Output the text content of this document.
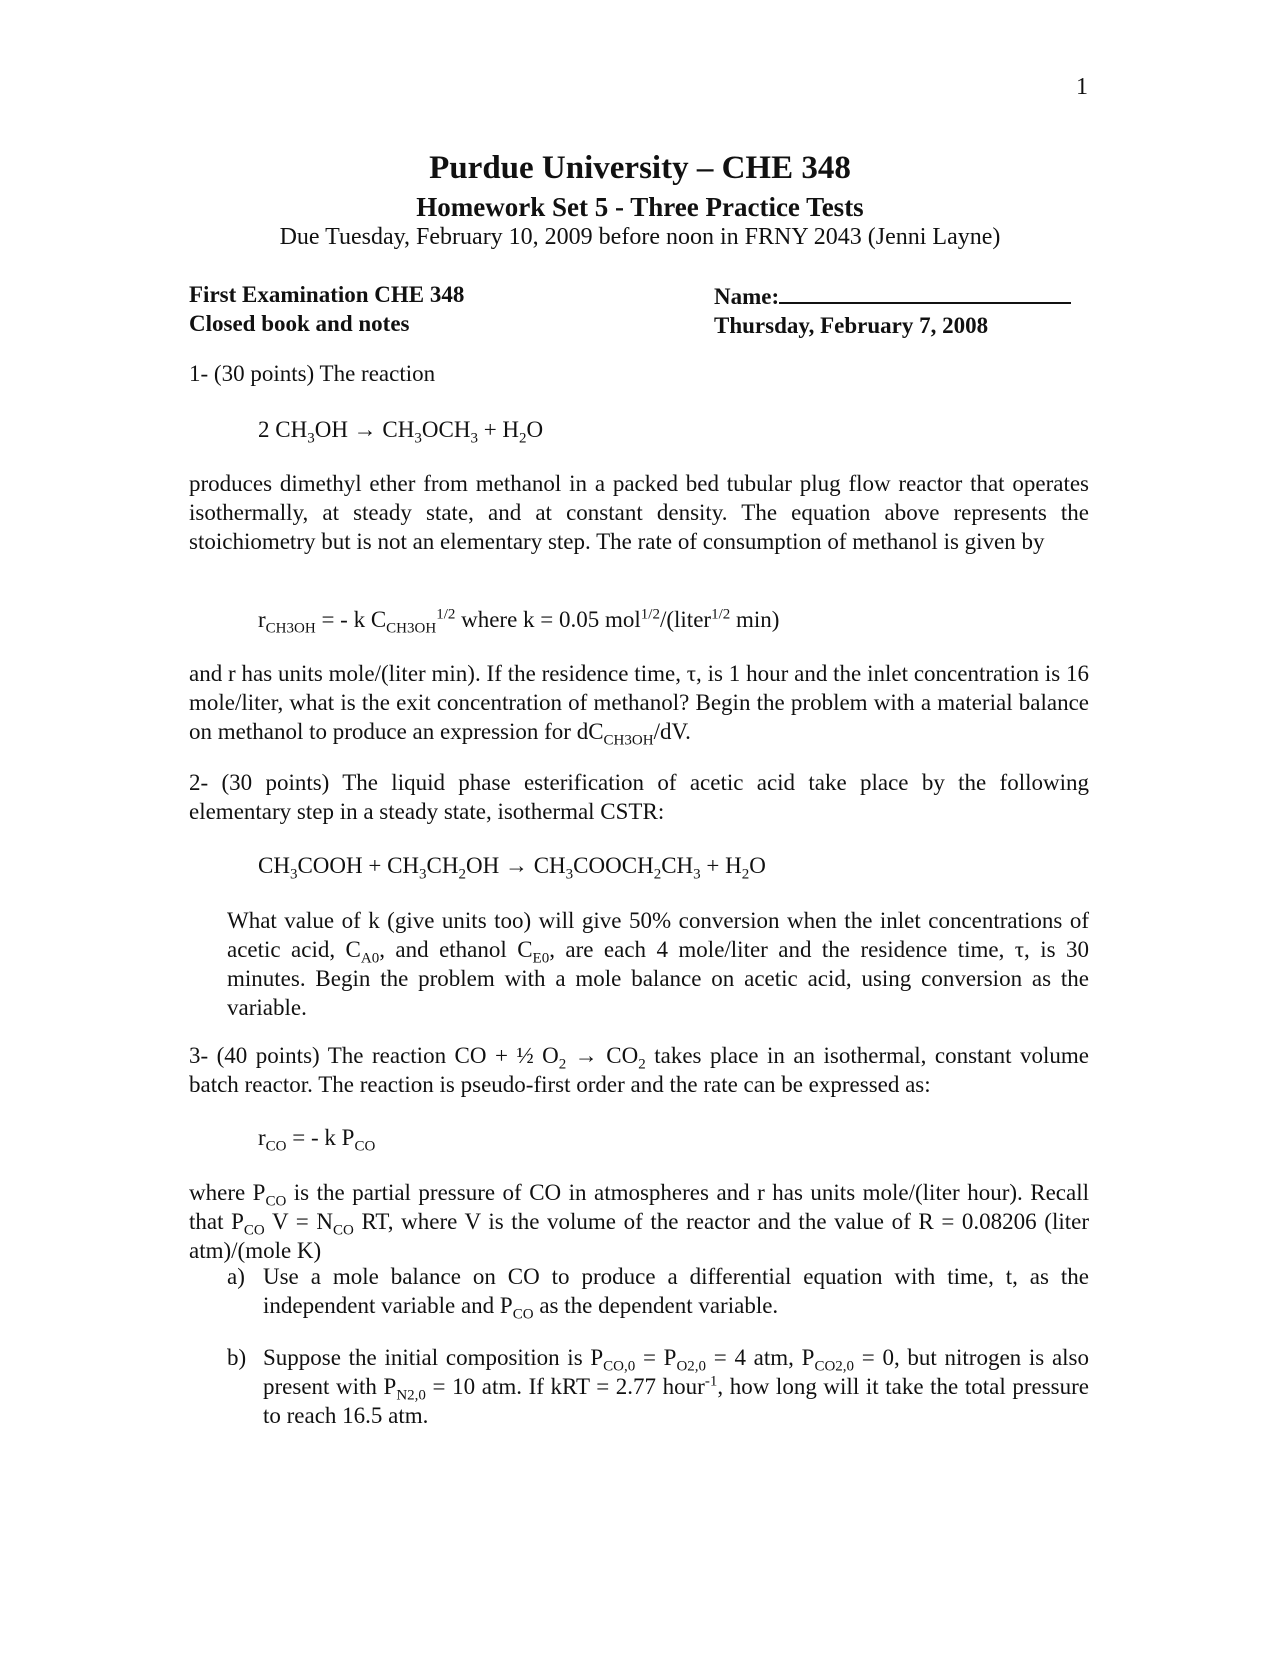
1
Purdue University – CHE 348
Homework Set 5 - Three Practice Tests
Due Tuesday, February 10, 2009 before noon in FRNY 2043 (Jenni Layne)
First Examination CHE 348
Closed book and notes
Name:
Thursday, February 7, 2008
1- (30 points) The reaction
2 $CH_3OH \to CH_3OCH_3 + H_2O$
produces dimethyl ether from methanol in a packed bed tubular plug flow reactor that operates isothermally, at steady state, and at constant density. The equation above represents the stoichiometry but is not an elementary step. The rate of consumption of methanol is given by
$r_{CH3OH}$ = - k $C_{CH3OH}^{1/2}$ where k = 0.05 mol$^{1/2}$/(liter$^{1/2}$ min)
and r has units mole/(liter min). If the residence time, τ, is 1 hour and the inlet concentration is 16 mole/liter, what is the exit concentration of methanol? Begin the problem with a material balance on methanol to produce an expression for $dC_{CH3OH}/dV$.
2- (30 points) The liquid phase esterification of acetic acid take place by the following elementary step in a steady state, isothermal CSTR:
$CH_3COOH + CH_3CH_2OH$ → $CH_3COOCH_2CH_3 + H_2O$
What value of k (give units too) will give 50% conversion when the inlet concentrations of acetic acid, $C_{A0}$, and ethanol $C_{E0}$, are each 4 mole/liter and the residence time, τ, is 30 minutes. Begin the problem with a mole balance on acetic acid, using conversion as the variable.
3- (40 points) The reaction CO + ½ $O_2 \to CO_2$ takes place in an isothermal, constant volume batch reactor. The reaction is pseudo-first order and the rate can be expressed as:
$r_{CO}$ = - k $P_{CO}$
where $P_{CO}$ is the partial pressure of CO in atmospheres and r has units mole/(liter hour). Recall that $P_{CO}$ $V = N_{CO}$ RT, where V is the volume of the reactor and the value of R = 0.08206 (liter atm)/(mole K)
a) Use a mole balance on CO to produce a differential equation with time, t, as the independent variable and $P_{CO}$ as the dependent variable.
b) Suppose the initial composition is $P_{CO,0} = P_{O2,0} = 4$ atm, $P_{CO2,0} = 0$, but nitrogen is also present with $P_{N2,0} = 10$ atm. If kRT = 2.77 hour$^{-1}$, how long will it take the total pressure to reach 16.5 atm.
